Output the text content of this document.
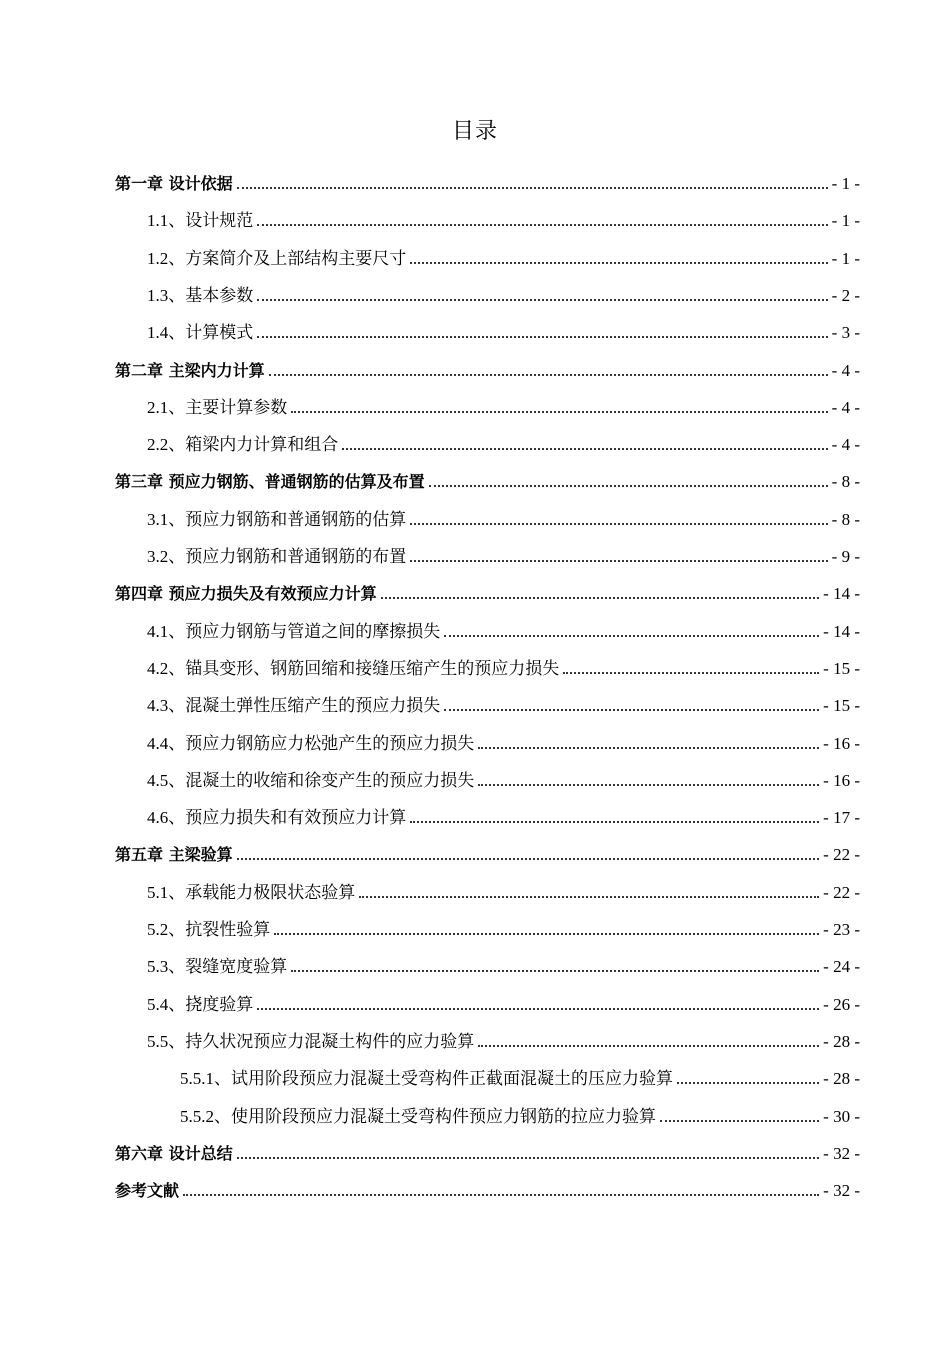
目录
第一章 设计依据	- 1 -
1.1、设计规范	- 1 -
1.2、方案简介及上部结构主要尺寸	- 1 -
1.3、基本参数	- 2 -
1.4、计算模式	- 3 -
第二章 主梁内力计算	- 4 -
2.1、主要计算参数	- 4 -
2.2、箱梁内力计算和组合	- 4 -
第三章 预应力钢筋、普通钢筋的估算及布置	- 8 -
3.1、预应力钢筋和普通钢筋的估算	- 8 -
3.2、预应力钢筋和普通钢筋的布置	- 9 -
第四章 预应力损失及有效预应力计算	- 14 -
4.1、预应力钢筋与管道之间的摩擦损失	- 14 -
4.2、锚具变形、钢筋回缩和接缝压缩产生的预应力损失	- 15 -
4.3、混凝土弹性压缩产生的预应力损失	- 15 -
4.4、预应力钢筋应力松弛产生的预应力损失	- 16 -
4.5、混凝土的收缩和徐变产生的预应力损失	- 16 -
4.6、预应力损失和有效预应力计算	- 17 -
第五章 主梁验算	- 22 -
5.1、承载能力极限状态验算	- 22 -
5.2、抗裂性验算	- 23 -
5.3、裂缝宽度验算	- 24 -
5.4、挠度验算	- 26 -
5.5、持久状况预应力混凝土构件的应力验算	- 28 -
5.5.1、试用阶段预应力混凝土受弯构件正截面混凝土的压应力验算	- 28 -
5.5.2、使用阶段预应力混凝土受弯构件预应力钢筋的拉应力验算	- 30 -
第六章 设计总结	- 32 -
参考文献	- 32 -
